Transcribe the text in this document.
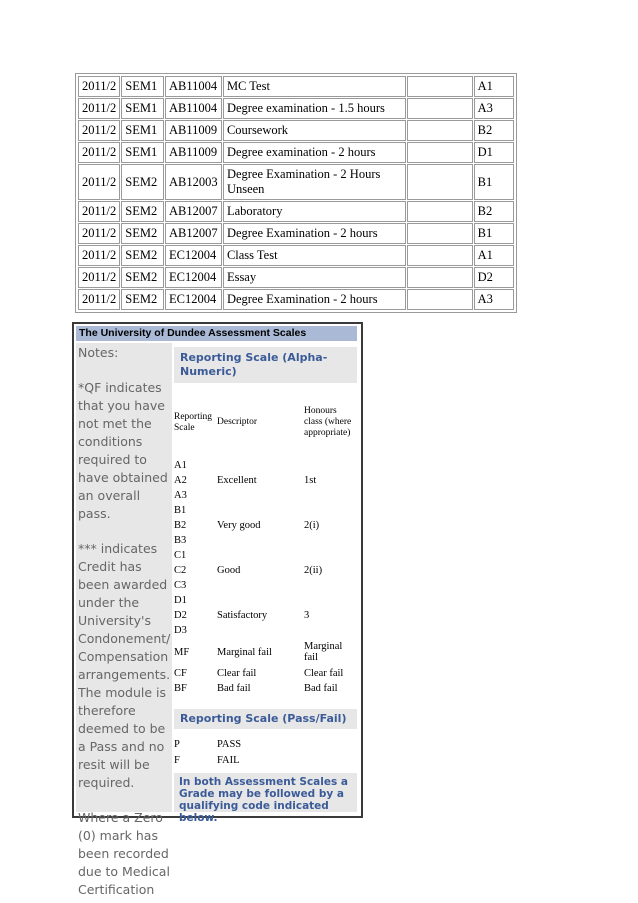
2011/2	SEM1	AB11004	MC Test		A1
2011/2	SEM1	AB11004	Degree examination - 1.5 hours		A3
2011/2	SEM1	AB11009	Coursework		B2
2011/2	SEM1	AB11009	Degree examination - 2 hours		D1
2011/2	SEM2	AB12003	Degree Examination - 2 Hours Unseen		B1
2011/2	SEM2	AB12007	Laboratory		B2
2011/2	SEM2	AB12007	Degree Examination - 2 hours		B1
2011/2	SEM2	EC12004	Class Test		A1
2011/2	SEM2	EC12004	Essay		D2
2011/2	SEM2	EC12004	Degree Examination - 2 hours		A3
The University of Dundee Assessment Scales

Notes:

*QF indicates that you have not met the conditions required to have obtained an overall pass.

*** indicates Credit has been awarded under the University's Condonement/ Compensation arrangements. The module is therefore deemed to be a Pass and no resit will be required.

Where a Zero (0) mark has been recorded due to Medical Certification

Reporting Scale (Alpha-Numeric)
Reporting Scale	Descriptor	Honours class (where appropriate)
A1		
A2	Excellent	1st
A3		
B1		
B2	Very good	2(i)
B3		
C1		
C2	Good	2(ii)
C3		
D1		
D2	Satisfactory	3
D3		
MF	Marginal fail	Marginal fail
CF	Clear fail	Clear fail
BF	Bad fail	Bad fail
Reporting Scale (Pass/Fail)
P	PASS
F	FAIL
In both Assessment Scales a Grade may be followed by a qualifying code indicated below.
